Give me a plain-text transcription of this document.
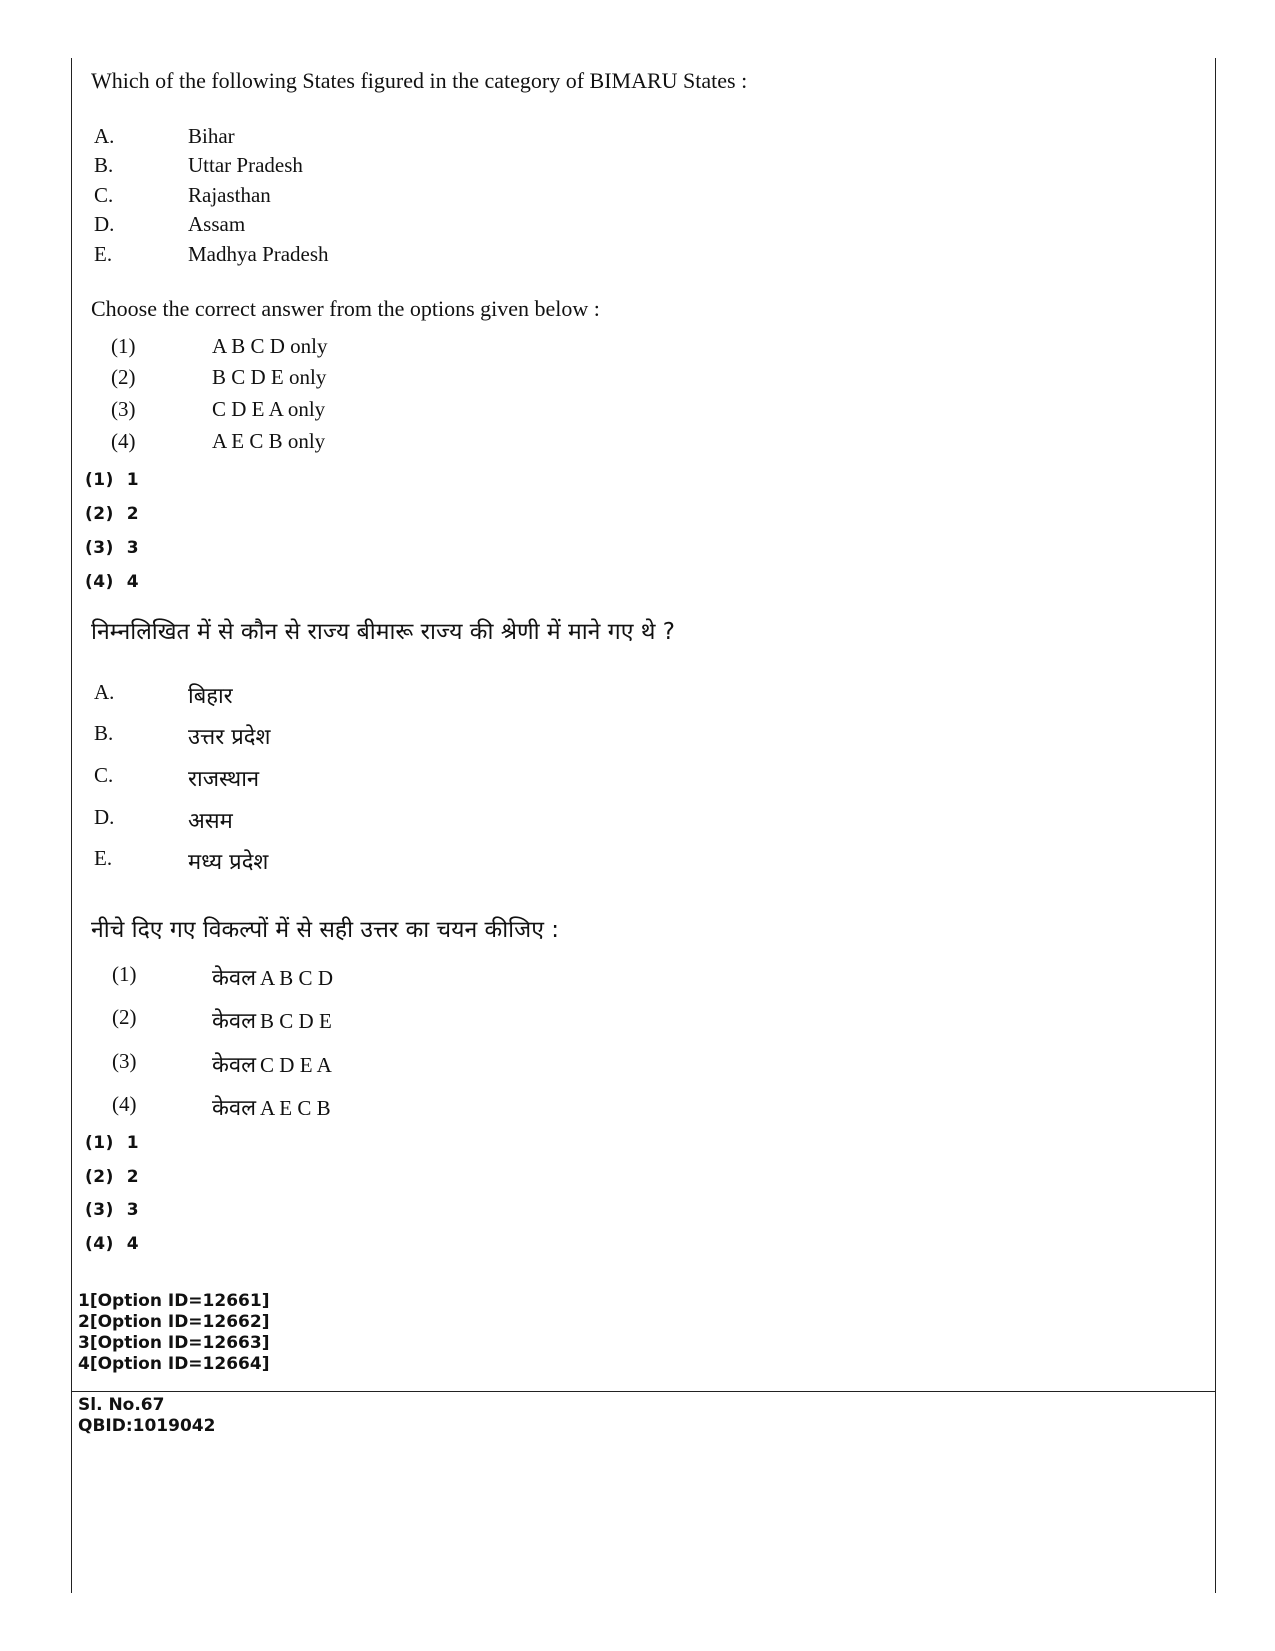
Which of the following States figured in the category of BIMARU States :
A.	Bihar
B.	Uttar Pradesh
C.	Rajasthan
D.	Assam
E.	Madhya Pradesh
Choose the correct answer from the options given below :
(1)	A B C D only
(2)	B C D E only
(3)	C D E A only
(4)	A E C B only
(1) 1
(2) 2
(3) 3
(4) 4
निम्नलिखित में से कौन से राज्य बीमारू राज्य की श्रेणी में माने गए थे ?
A.	बिहार
B.	उत्तर प्रदेश
C.	राजस्थान
D.	असम
E.	मध्य प्रदेश
नीचे दिए गए विकल्पों में से सही उत्तर का चयन कीजिए :
(1)	केवल A B C D
(2)	केवल B C D E
(3)	केवल C D E A
(4)	केवल A E C B
(1) 1
(2) 2
(3) 3
(4) 4
1[Option ID=12661]
2[Option ID=12662]
3[Option ID=12663]
4[Option ID=12664]
Sl. No.67
QBID:1019042
